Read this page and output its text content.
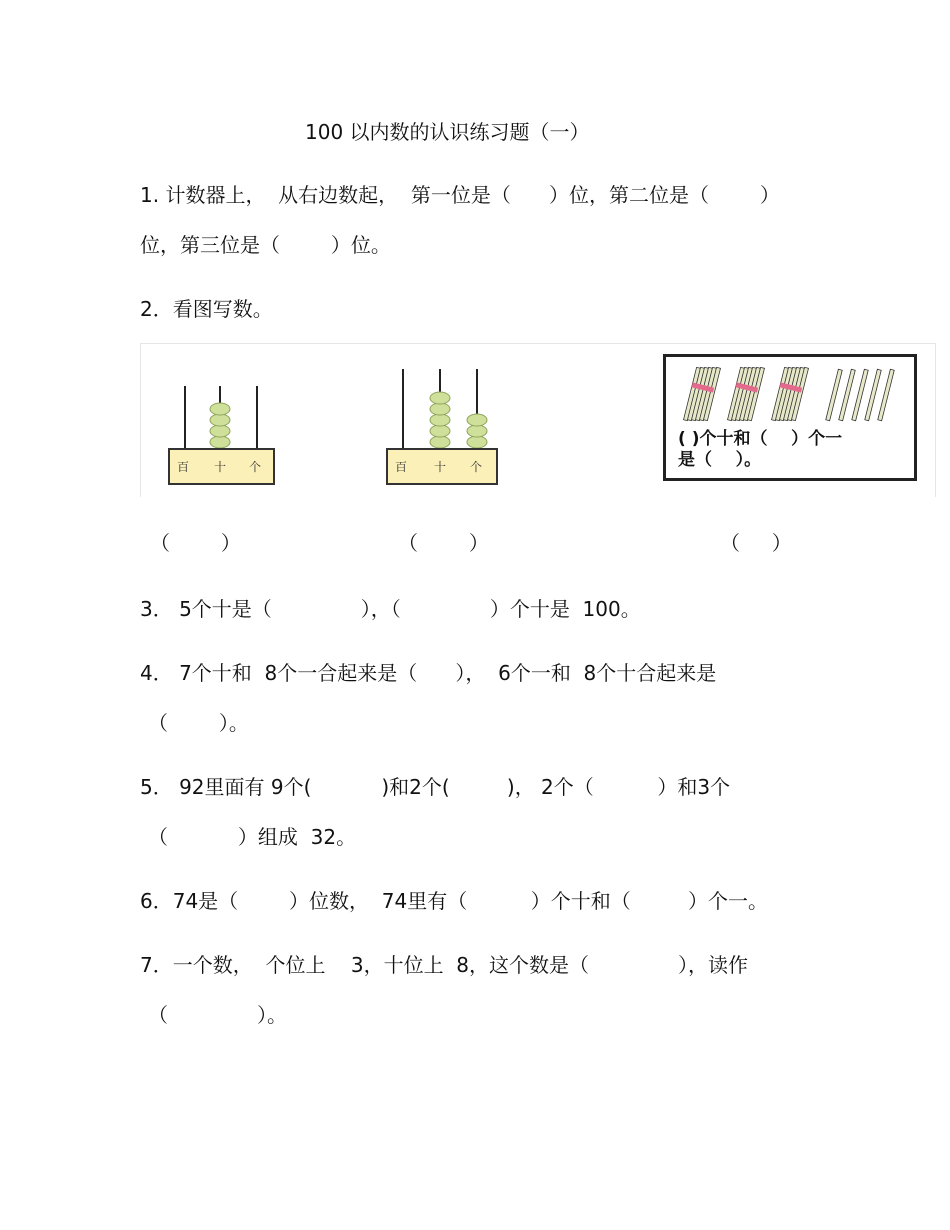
100 以内数的认识练习题（一）
1. 计数器上，  从右边数起，  第一位是（      ）位，第二位是（        ）
位，第三位是（        ）位。
2．看图写数。
百 十 个	百 十 个
( )个十和（    ）个一
是（    ）。
（        ）	（        ）	（     ）
3． 5个十是（              ），（              ）个十是  100。
4． 7个十和  8个一合起来是（      ），  6个一和  8个十合起来是
（        ）。
5． 92里面有 9个(           )和2个(         )， 2个（          ）和3个
（           ）组成  32。
6．74是（        ）位数，  74里有（          ）个十和（         ）个一。
7．一个数，  个位上    3，十位上  8，这个数是（              ），读作
（              ）。
